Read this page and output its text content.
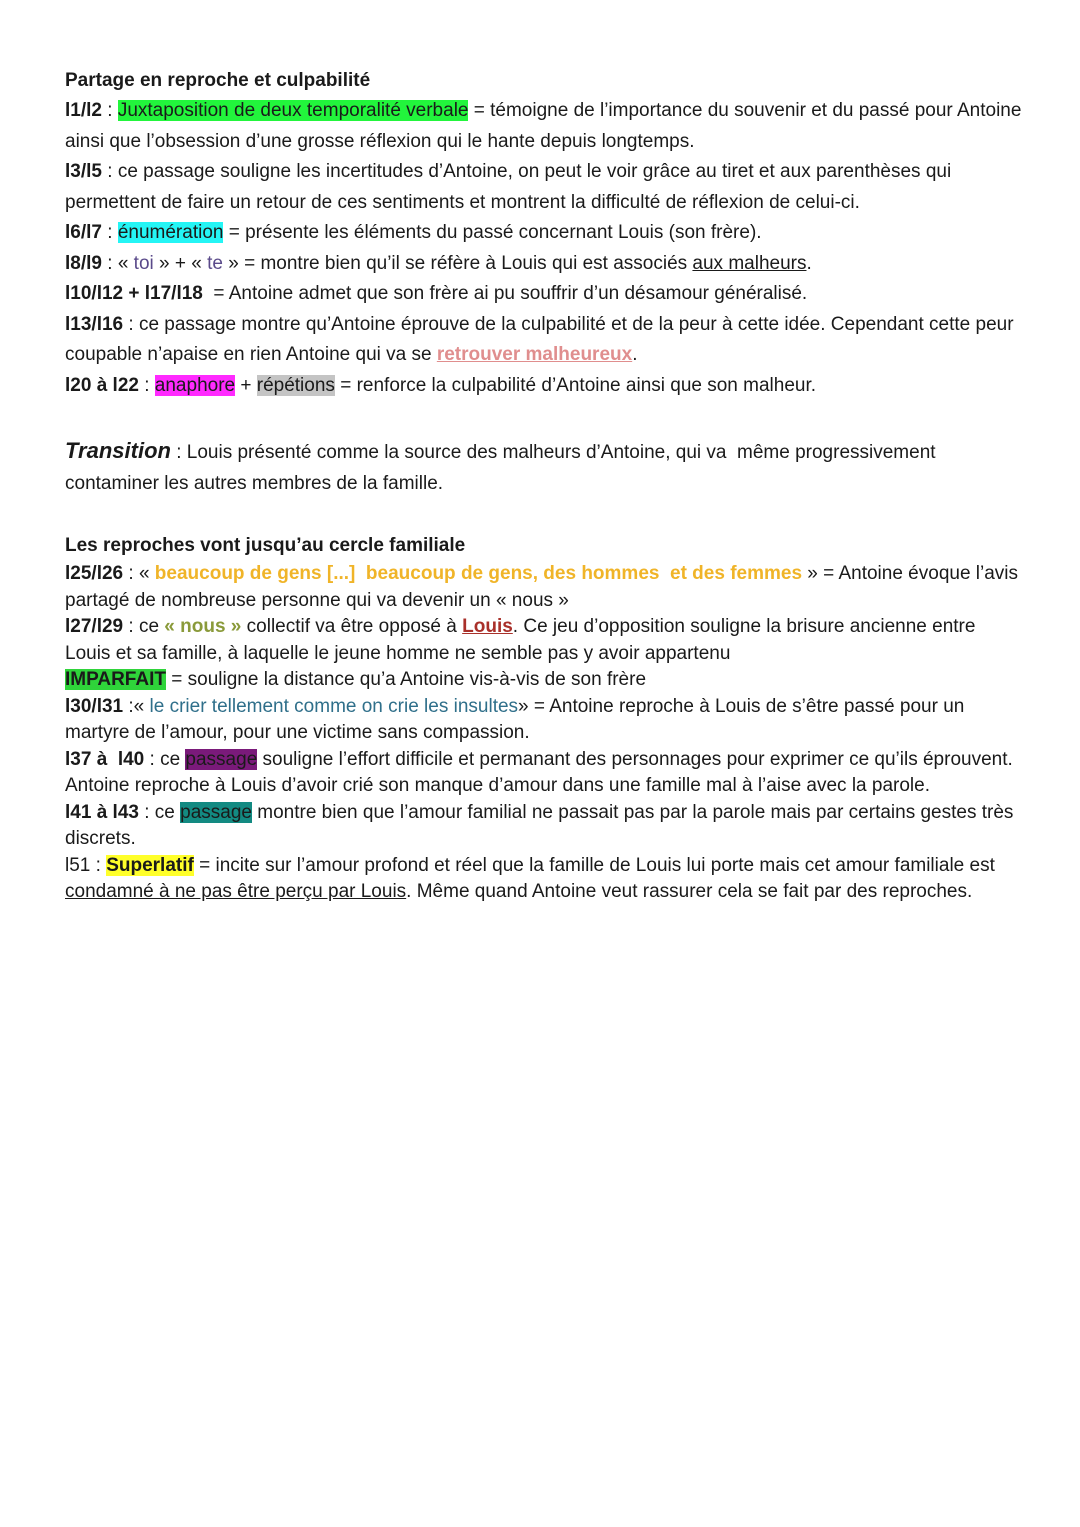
Partage en reproche et culpabilité

l1/l2 : Juxtaposition de deux temporalité verbale = témoigne de l’importance du souvenir et du passé pour Antoine ainsi que l’obsession d’une grosse réflexion qui le hante depuis longtemps.

l3/l5 : ce passage souligne les incertitudes d’Antoine, on peut le voir grâce au tiret et aux parenthèses qui permettent de faire un retour de ces sentiments et montrent la difficulté de réflexion de celui-ci.

l6/l7 : énumération = présente les éléments du passé concernant Louis (son frère).

l8/l9 : « toi » + « te » = montre bien qu’il se réfère à Louis qui est associés aux malheurs.

l10/l12 + l17/l18  = Antoine admet que son frère ai pu souffrir d’un désamour généralisé.

l13/l16 : ce passage montre qu’Antoine éprouve de la culpabilité et de la peur à cette idée. Cependant cette peur coupable n’apaise en rien Antoine qui va se retrouver malheureux.

l20 à l22 : anaphore + répétions = renforce la culpabilité d’Antoine ainsi que son malheur.

Transition : Louis présenté comme la source des malheurs d’Antoine, qui va  même progressivement contaminer les autres membres de la famille.

Les reproches vont jusqu’au cercle familiale

l25/l26 : « beaucoup de gens [...]  beaucoup de gens, des hommes  et des femmes » = Antoine évoque l’avis partagé de nombreuse personne qui va devenir un « nous »

l27/l29 : ce « nous » collectif va être opposé à Louis. Ce jeu d’opposition souligne la brisure ancienne entre Louis et sa famille, à laquelle le jeune homme ne semble pas y avoir appartenu

IMPARFAIT = souligne la distance qu’a Antoine vis-à-vis de son frère

l30/l31 :« le crier tellement comme on crie les insultes» = Antoine reproche à Louis de s’être passé pour un martyre de l’amour, pour une victime sans compassion.

l37 à  l40 : ce passage souligne l’effort difficile et permanant des personnages pour exprimer ce qu’ils éprouvent. Antoine reproche à Louis d’avoir crié son manque d’amour dans une famille mal à l’aise avec la parole.

l41 à l43 : ce passage montre bien que l’amour familial ne passait pas par la parole mais par certains gestes très discrets.

l51 : Superlatif = incite sur l’amour profond et réel que la famille de Louis lui porte mais cet amour familiale est condamné à ne pas être perçu par Louis. Même quand Antoine veut rassurer cela se fait par des reproches.
